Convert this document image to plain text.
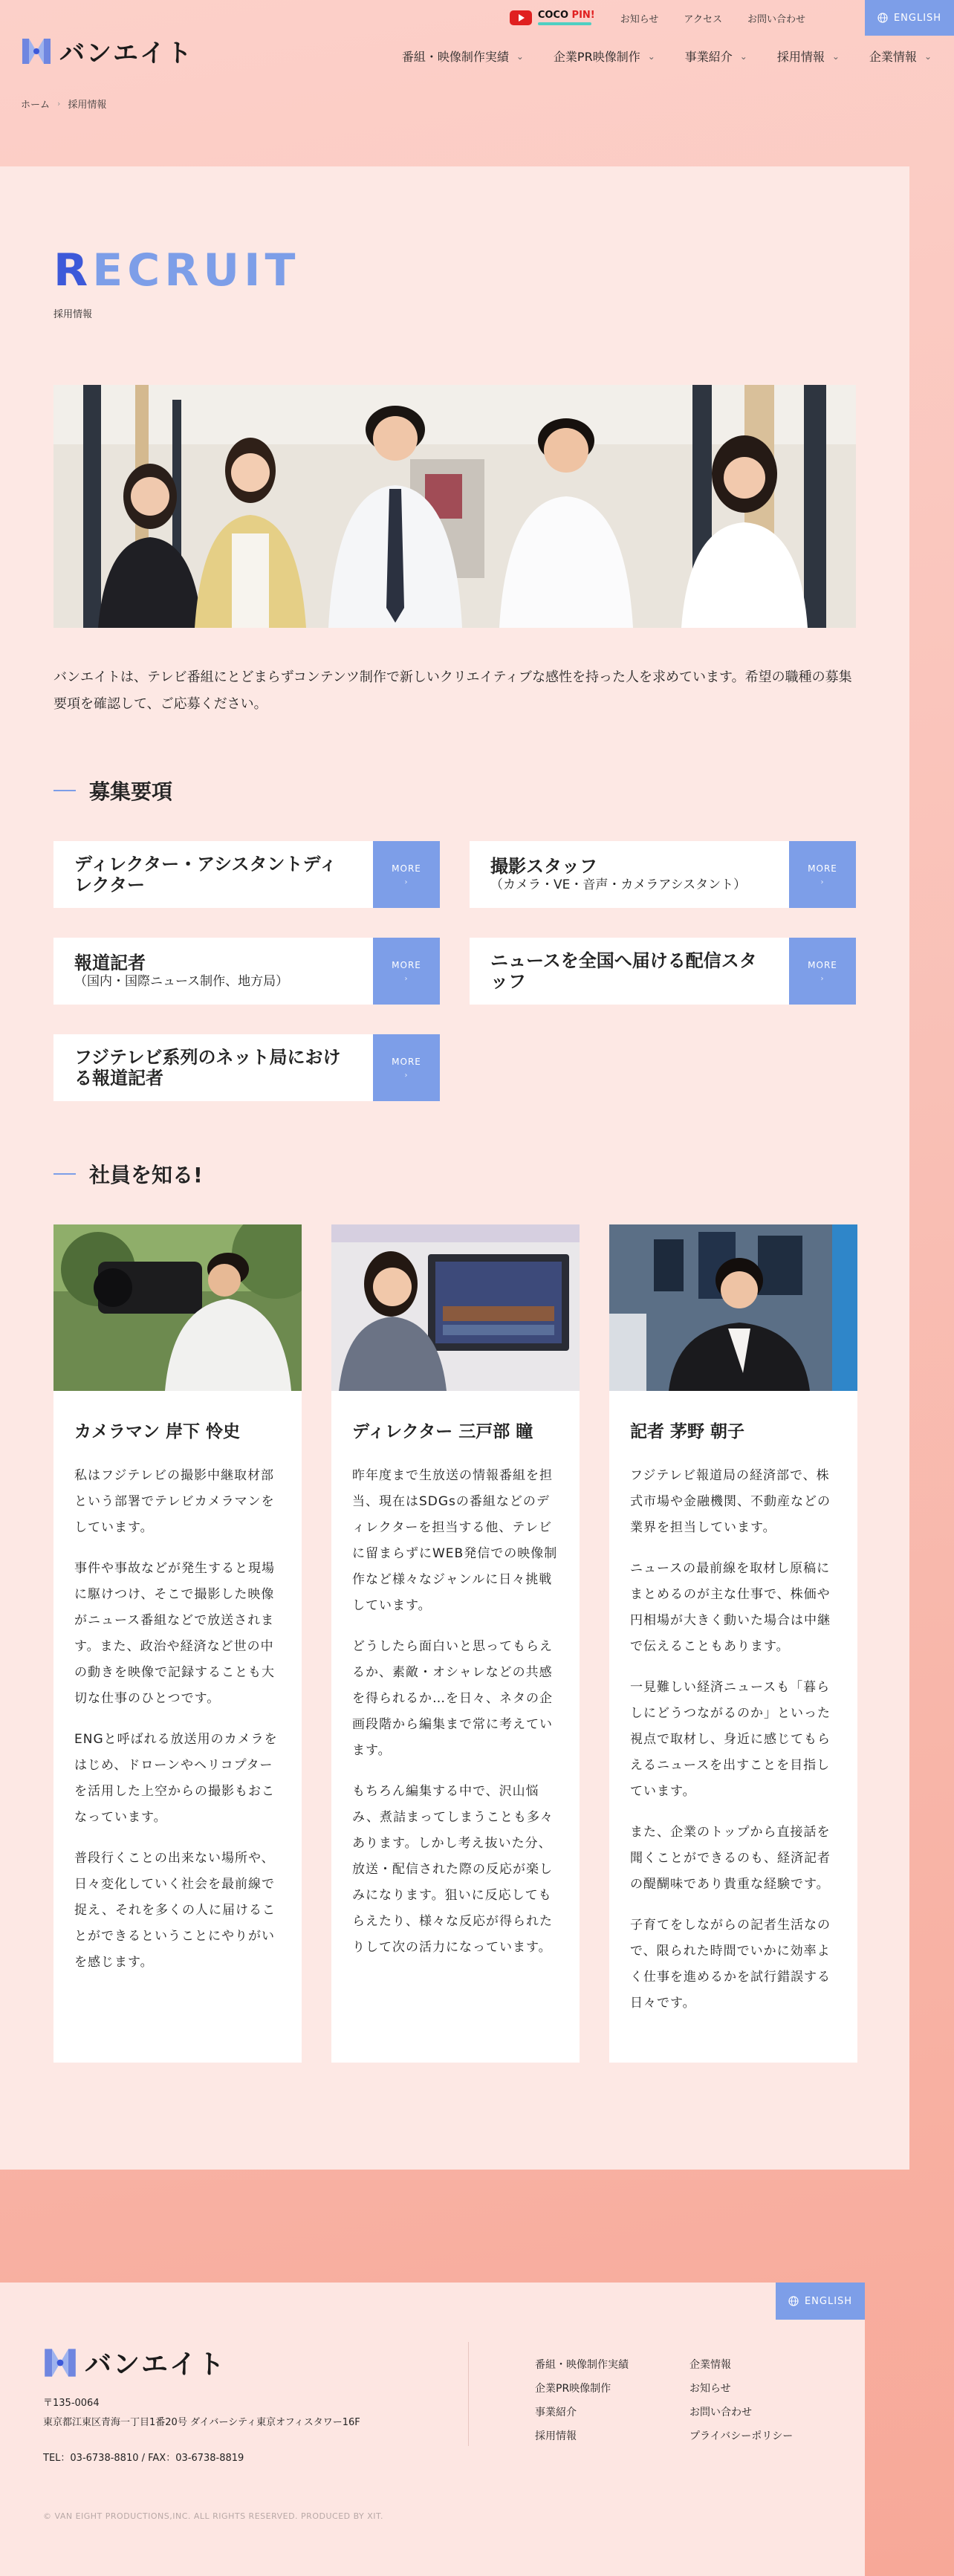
バンエイト
COCO PIN!	お知らせ	アクセス	お問い合わせ	ENGLISH
番組・映像制作実績 ⌄	企業PR映像制作 ⌄	事業紹介 ⌄	採用情報 ⌄	企業情報 ⌄
ホーム › 採用情報
RECRUIT
採用情報

バンエイトは、テレビ番組にとどまらずコンテンツ制作で新しいクリエイティブな感性を持った人を求めています。希望の職種の募集要項を確認して、ご応募ください。

募集要項
ディレクター・アシスタントディレクター
MORE
›
撮影スタッフ
（カメラ・VE・音声・カメラアシスタント）
MORE
›
報道記者
（国内・国際ニュース制作、地方局）
MORE
›
ニュースを全国へ届ける配信スタッフ
MORE
›
フジテレビ系列のネット局における報道記者
MORE
›
社員を知る!
カメラマン 岸下 怜史

私はフジテレビの撮影中継取材部という部署でテレビカメラマンをしています。

事件や事故などが発生すると現場に駆けつけ、そこで撮影した映像がニュース番組などで放送されます。また、政治や経済など世の中の動きを映像で記録することも大切な仕事のひとつです。

ENGと呼ばれる放送用のカメラをはじめ、ドローンやヘリコプターを活用した上空からの撮影もおこなっています。

普段行くことの出来ない場所や、日々変化していく社会を最前線で捉え、それを多くの人に届けることができるということにやりがいを感じます。

ディレクター 三戸部 瞳

昨年度まで生放送の情報番組を担当、現在はSDGsの番組などのディレクターを担当する他、テレビに留まらずにWEB発信での映像制作など様々なジャンルに日々挑戦しています。

どうしたら面白いと思ってもらえるか、素敵・オシャレなどの共感を得られるか…を日々、ネタの企画段階から編集まで常に考えています。

もちろん編集する中で、沢山悩み、煮詰まってしまうことも多々あります。しかし考え抜いた分、放送・配信された際の反応が楽しみになります。狙いに反応してもらえたり、様々な反応が得られたりして次の活力になっています。

記者 茅野 朝子

フジテレビ報道局の経済部で、株式市場や金融機関、不動産などの業界を担当しています。

ニュースの最前線を取材し原稿にまとめるのが主な仕事で、株価や円相場が大きく動いた場合は中継で伝えることもあります。

一見難しい経済ニュースも「暮らしにどうつながるのか」といった視点で取材し、身近に感じてもらえるニュースを出すことを目指しています。

また、企業のトップから直接話を聞くことができるのも、経済記者の醍醐味であり貴重な経験です。

子育てをしながらの記者生活なので、限られた時間でいかに効率よく仕事を進めるかを試行錯誤する日々です。

ENGLISH
バンエイト
〒135-0064
東京都江東区青海一丁目1番20号 ダイバーシティ東京オフィスタワー16F
TEL：03-6738-8810 / FAX：03-6738-8819
番組・映像制作実績
企業PR映像制作
事業紹介
採用情報
企業情報
お知らせ
お問い合わせ
プライバシーポリシー
© VAN EIGHT PRODUCTIONS,INC. ALL RIGHTS RESERVED. PRODUCED BY XIT.
